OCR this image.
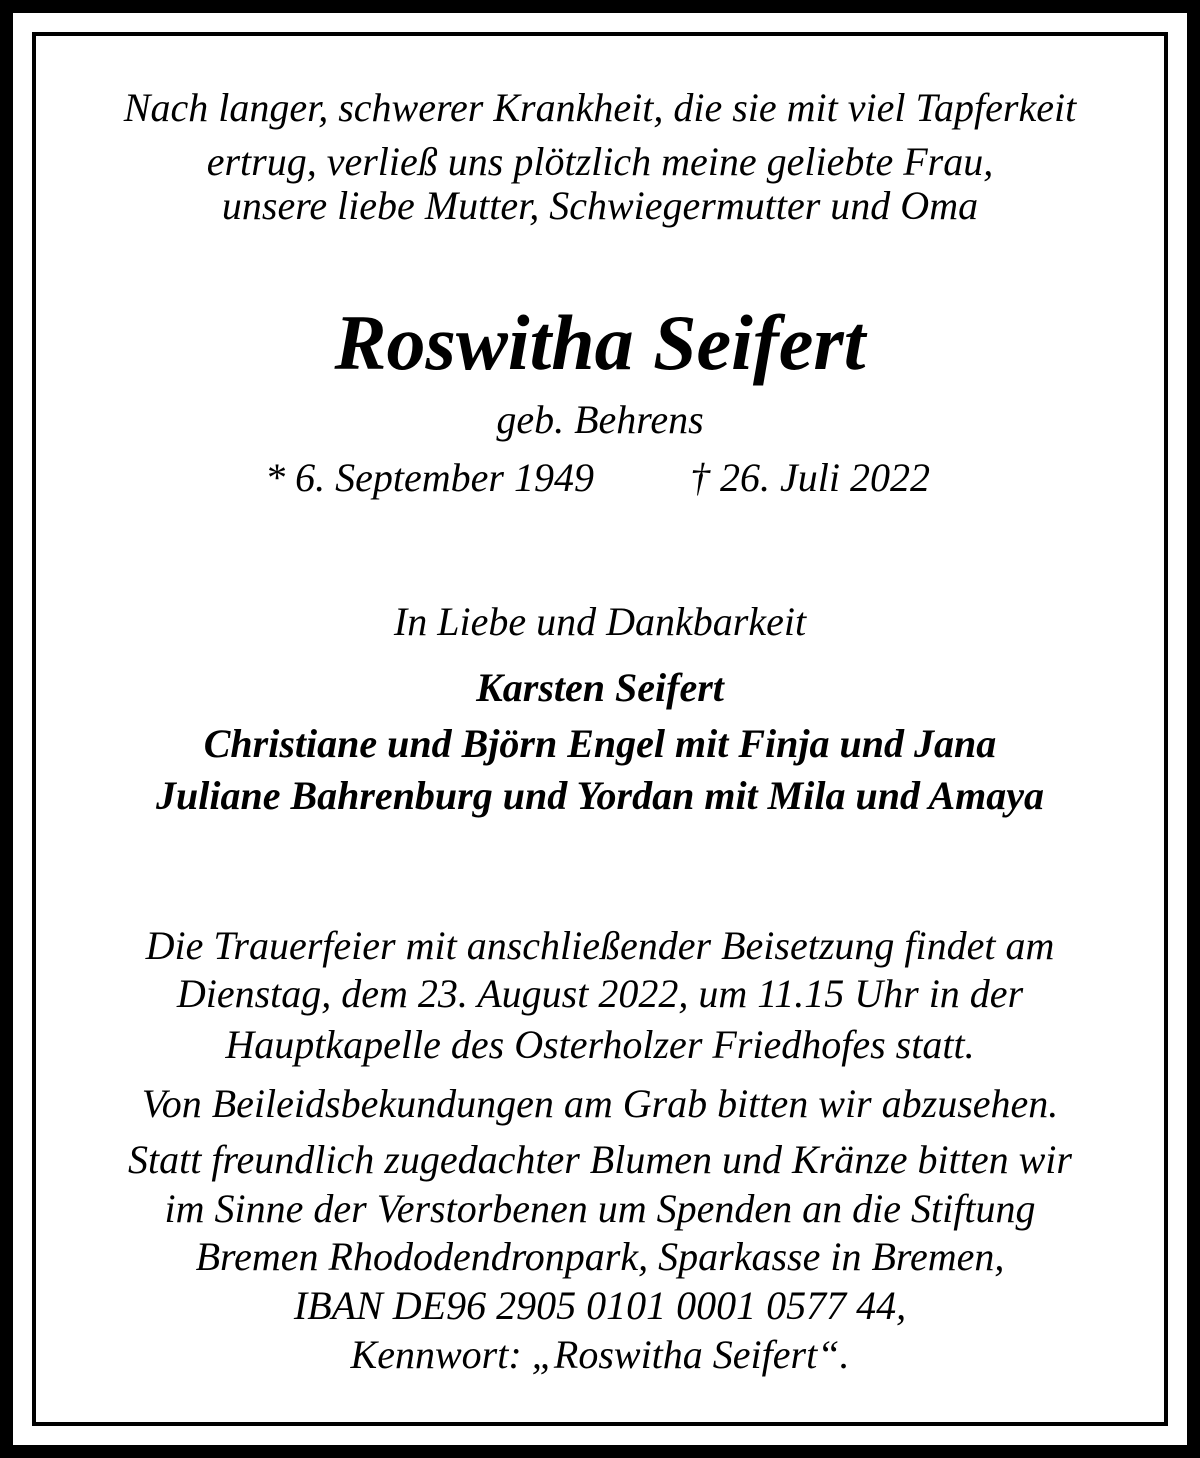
Nach langer, schwerer Krankheit, die sie mit viel Tapferkeit
ertrug, verließ uns plötzlich meine geliebte Frau,
unsere liebe Mutter, Schwiegermutter und Oma
Roswitha Seifert
geb. Behrens
* 6. September 1949 † 26. Juli 2022
In Liebe und Dankbarkeit
Karsten Seifert
Christiane und Björn Engel mit Finja und Jana
Juliane Bahrenburg und Yordan mit Mila und Amaya
Die Trauerfeier mit anschließender Beisetzung findet am
Dienstag, dem 23. August 2022, um 11.15 Uhr in der
Hauptkapelle des Osterholzer Friedhofes statt.
Von Beileidsbekundungen am Grab bitten wir abzusehen.
Statt freundlich zugedachter Blumen und Kränze bitten wir
im Sinne der Verstorbenen um Spenden an die Stiftung
Bremen Rhododendronpark, Sparkasse in Bremen,
IBAN DE96 2905 0101 0001 0577 44,
Kennwort: „Roswitha Seifert“.
